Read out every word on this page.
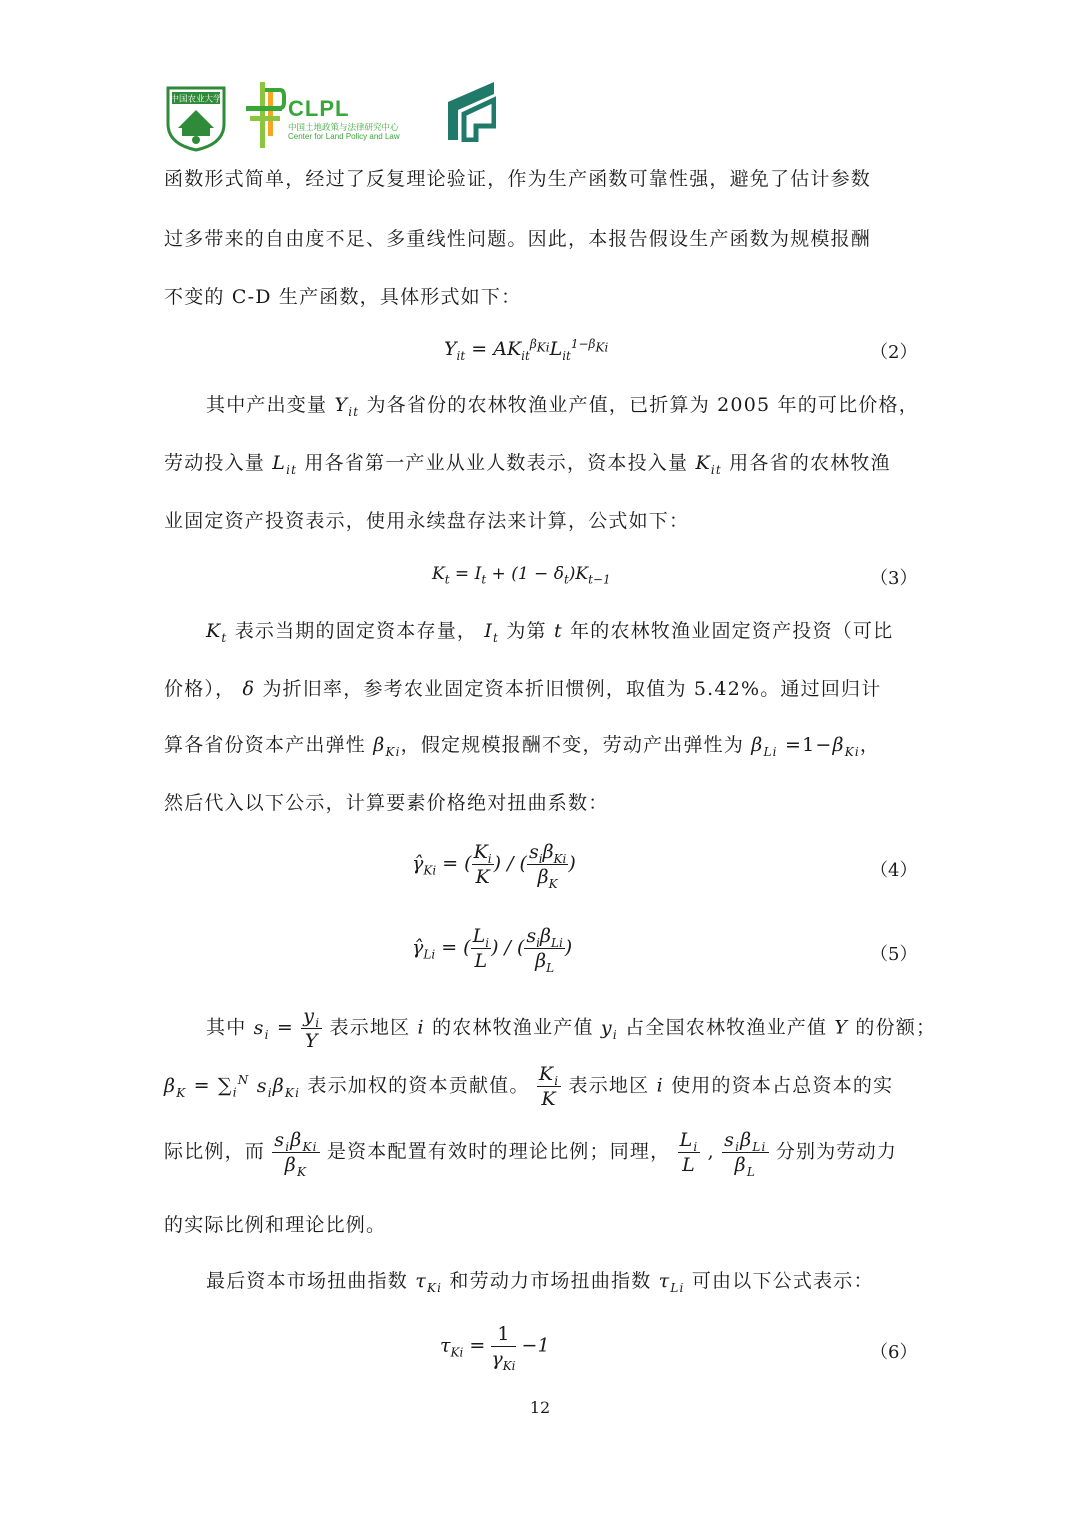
中国农业大学	CLPL
中国土地政策与法律研究中心
Center for Land Policy and Law
函数形式简单，经过了反复理论验证，作为生产函数可靠性强，避免了估计参数
过多带来的自由度不足、多重线性问题。因此，本报告假设生产函数为规模报酬
不变的 C-D 生产函数，具体形式如下：
$Y_{it} = AK_{it}^{\beta_{Ki}}L_{it}^{1-\beta_{Ki}}$	（2）
其中产出变量 $Y_{it}$ 为各省份的农林牧渔业产值，已折算为 2005 年的可比价格，
劳动投入量 $L_{it}$ 用各省第一产业从业人数表示，资本投入量 $K_{it}$ 用各省的农林牧渔
业固定资产投资表示，使用永续盘存法来计算，公式如下：
$K_t = I_t + (1 - \delta_t)K_{t-1}$	（3）
$K_t$ 表示当期的固定资本存量， $I_t$ 为第 t 年的农林牧渔业固定资产投资（可比
价格）， δ 为折旧率，参考农业固定资本折旧惯例，取值为 5.42%。通过回归计
算各省份资本产出弹性 $\beta_{Ki}$，假定规模报酬不变，劳动产出弹性为 $\beta_{Li} =1-\beta_{Ki}$，
然后代入以下公示，计算要素价格绝对扭曲系数：
$\gammâ_{Ki}$ = ( $\frac{K_i}{K}$ ) / ( $\frac{s_i\beta_{Ki}}{\beta_K}$ )	（4）
$\gammâ_{Li}$ = ( $\frac{L_i}{L}$ ) / ( $\frac{s_i\beta_{Li}}{\beta_L}$ )	（5）
其中 $s_i = \frac{y_i}{Y}$ 表示地区 i 的农林牧渔业产值 $y_i$ 占全国农林牧渔业产值 Y 的份额；
$\beta_K = \sum_i^N$ $s_i\beta_{Ki}$ 表示加权的资本贡献值。 $\frac{K_i}{K}$ 表示地区 i 使用的资本占总资本的实
际比例，而 $\frac{s_i\beta_{Ki}}{\beta_K}$ 是资本配置有效时的理论比例；同理， $\frac{L_i}{L}$ , $\frac{s_i\beta_{Li}}{\beta_L}$ 分别为劳动力
的实际比例和理论比例。
最后资本市场扭曲指数 $\tau_{Ki}$ 和劳动力市场扭曲指数 $\tau_{Li}$ 可由以下公式表示：
$\tau_{Ki} = \frac{1}{\gamma_{Ki}} -1$	（6）
12
